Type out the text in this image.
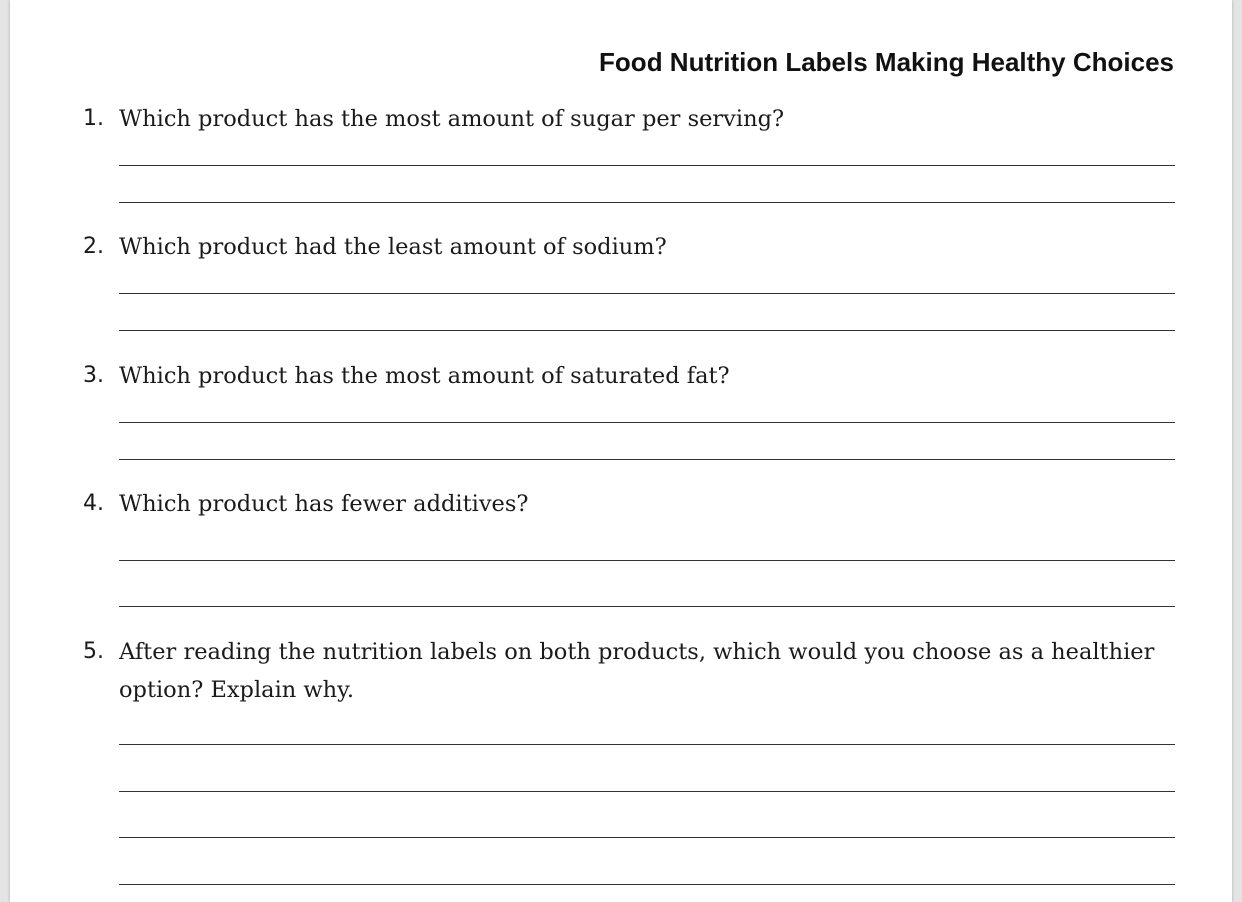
Food Nutrition Labels Making Healthy Choices
1. Which product has the most amount of sugar per serving?

2. Which product had the least amount of sodium?

3. Which product has the most amount of saturated fat?

4. Which product has fewer additives?

5. After reading the nutrition labels on both products, which would you choose as a healthier option? Explain why.
